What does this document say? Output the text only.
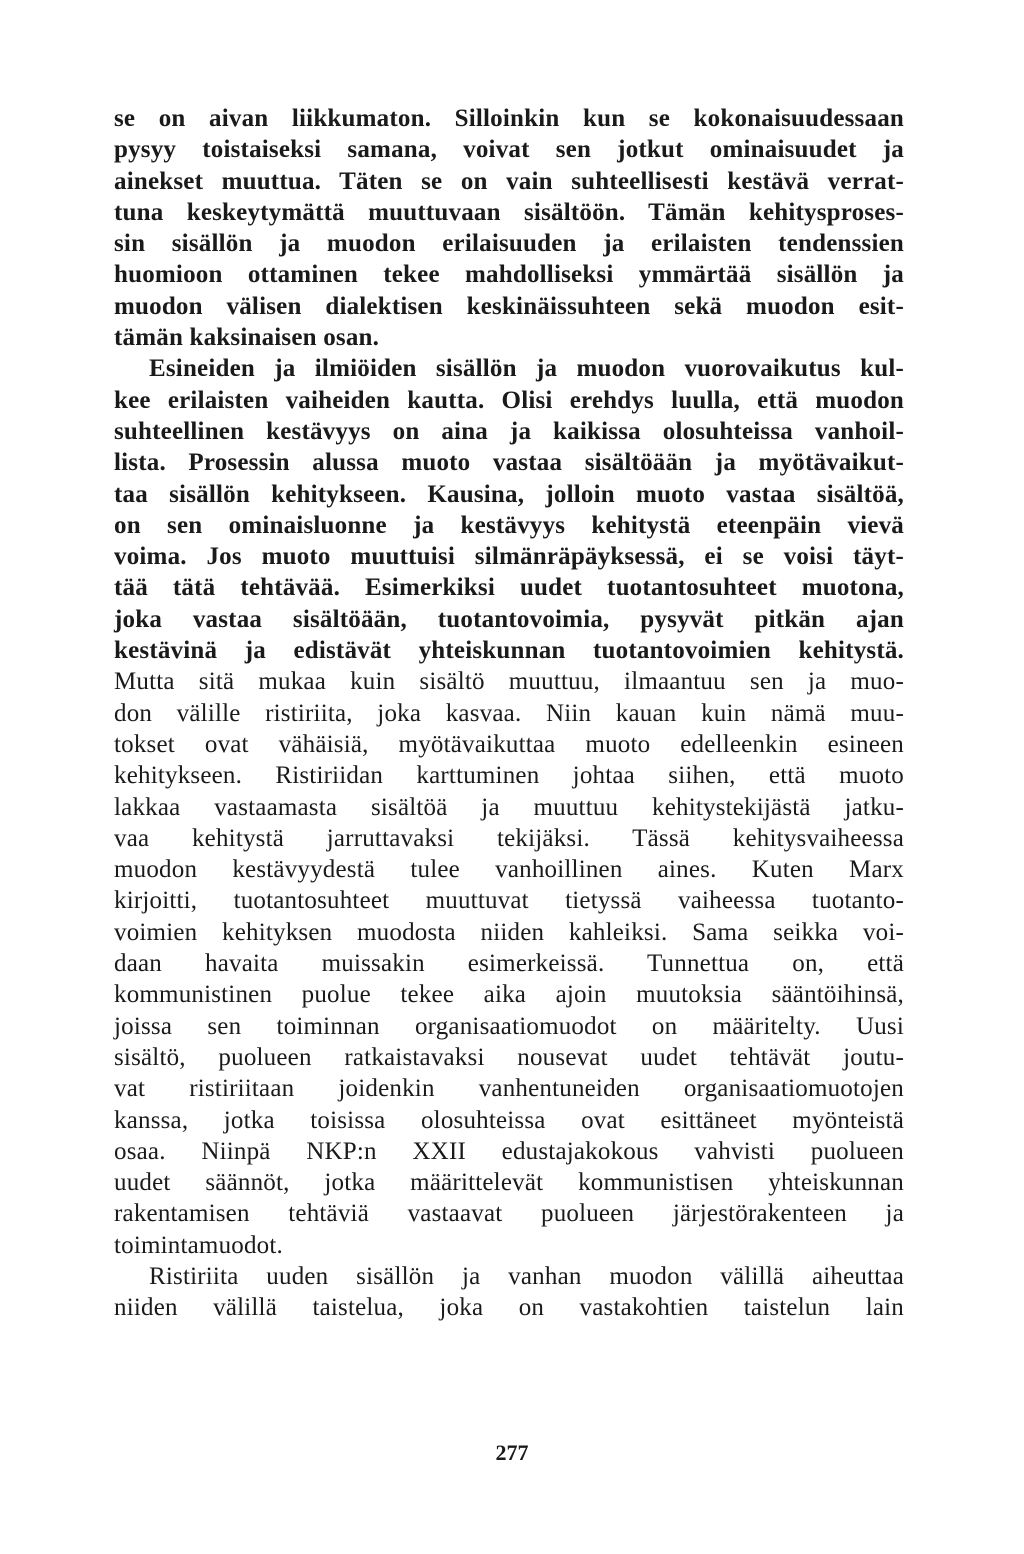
se on aivan liikkumaton. Silloinkin kun se kokonaisuudessaan
pysyy toistaiseksi samana, voivat sen jotkut ominaisuudet ja
ainekset muuttua. Täten se on vain suhteellisesti kestävä verrat-
tuna keskeytymättä muuttuvaan sisältöön. Tämän kehitysproses-
sin sisällön ja muodon erilaisuuden ja erilaisten tendenssien
huomioon ottaminen tekee mahdolliseksi ymmärtää sisällön ja
muodon välisen dialektisen keskinäissuhteen sekä muodon esit-
tämän kaksinaisen osan.
Esineiden ja ilmiöiden sisällön ja muodon vuorovaikutus kul-
kee erilaisten vaiheiden kautta. Olisi erehdys luulla, että muodon
suhteellinen kestävyys on aina ja kaikissa olosuhteissa vanhoil-
lista. Prosessin alussa muoto vastaa sisältöään ja myötävaikut-
taa sisällön kehitykseen. Kausina, jolloin muoto vastaa sisältöä,
on sen ominaisluonne ja kestävyys kehitystä eteenpäin vievä
voima. Jos muoto muuttuisi silmänräpäyksessä, ei se voisi täyt-
tää tätä tehtävää. Esimerkiksi uudet tuotantosuhteet muotona,
joka vastaa sisältöään, tuotantovoimia, pysyvät pitkän ajan
kestävinä ja edistävät yhteiskunnan tuotantovoimien kehitystä.
Mutta sitä mukaa kuin sisältö muuttuu, ilmaantuu sen ja muo-
don välille ristiriita, joka kasvaa. Niin kauan kuin nämä muu-
tokset ovat vähäisiä, myötävaikuttaa muoto edelleenkin esineen
kehitykseen. Ristiriidan karttuminen johtaa siihen, että muoto
lakkaa vastaamasta sisältöä ja muuttuu kehitystekijästä jatku-
vaa kehitystä jarruttavaksi tekijäksi. Tässä kehitysvaiheessa
muodon kestävyydestä tulee vanhoillinen aines. Kuten Marx
kirjoitti, tuotantosuhteet muuttuvat tietyssä vaiheessa tuotanto-
voimien kehityksen muodosta niiden kahleiksi. Sama seikka voi-
daan havaita muissakin esimerkeissä. Tunnettua on, että
kommunistinen puolue tekee aika ajoin muutoksia sääntöihinsä,
joissa sen toiminnan organisaatiomuodot on määritelty. Uusi
sisältö, puolueen ratkaistavaksi nousevat uudet tehtävät joutu-
vat ristiriitaan joidenkin vanhentuneiden organisaatiomuotojen
kanssa, jotka toisissa olosuhteissa ovat esittäneet myönteistä
osaa. Niinpä NKP:n XXII edustajakokous vahvisti puolueen
uudet säännöt, jotka määrittelevät kommunistisen yhteiskunnan
rakentamisen tehtäviä vastaavat puolueen järjestörakenteen ja
toimintamuodot.
Ristiriita uuden sisällön ja vanhan muodon välillä aiheuttaa
niiden välillä taistelua, joka on vastakohtien taistelun lain
277
